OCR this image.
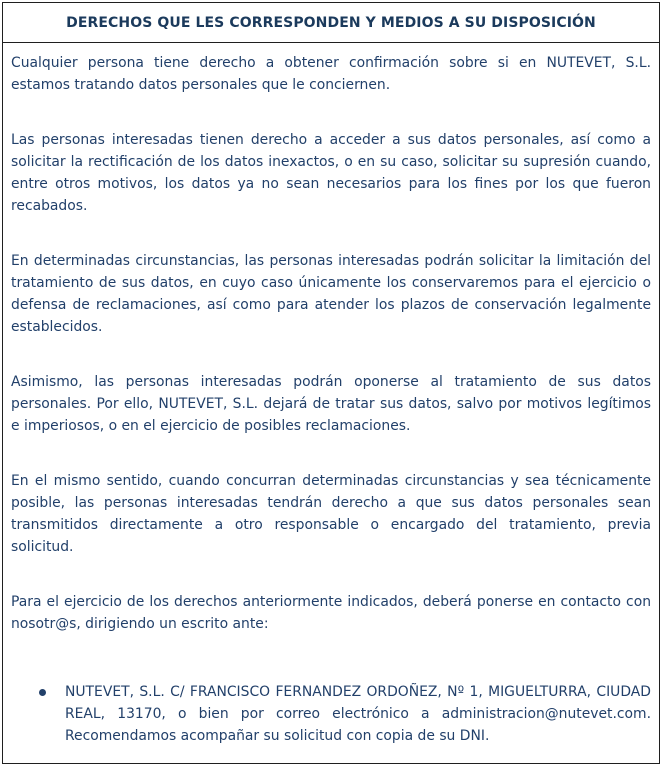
DERECHOS QUE LES CORRESPONDEN Y MEDIOS A SU DISPOSICIÓN

Cualquier persona tiene derecho a obtener confirmación sobre si en NUTEVET, S.L. estamos tratando datos personales que le conciernen.

Las personas interesadas tienen derecho a acceder a sus datos personales, así como a solicitar la rectificación de los datos inexactos, o en su caso, solicitar su supresión cuando, entre otros motivos, los datos ya no sean necesarios para los fines por los que fueron recabados.

En determinadas circunstancias, las personas interesadas podrán solicitar la limitación del tratamiento de sus datos, en cuyo caso únicamente los conservaremos para el ejercicio o defensa de reclamaciones, así como para atender los plazos de conservación legalmente establecidos.

Asimismo, las personas interesadas podrán oponerse al tratamiento de sus datos personales. Por ello, NUTEVET, S.L. dejará de tratar sus datos, salvo por motivos legítimos e imperiosos, o en el ejercicio de posibles reclamaciones.

En el mismo sentido, cuando concurran determinadas circunstancias y sea técnicamente posible, las personas interesadas tendrán derecho a que sus datos personales sean transmitidos directamente a otro responsable o encargado del tratamiento, previa solicitud.

Para el ejercicio de los derechos anteriormente indicados, deberá ponerse en contacto con nosotr@s, dirigiendo un escrito ante:

NUTEVET, S.L. C/ FRANCISCO FERNANDEZ ORDOÑEZ, Nº 1, MIGUELTURRA, CIUDAD REAL, 13170, o bien por correo electrónico a administracion@nutevet.com. Recomendamos acompañar su solicitud con copia de su DNI.
